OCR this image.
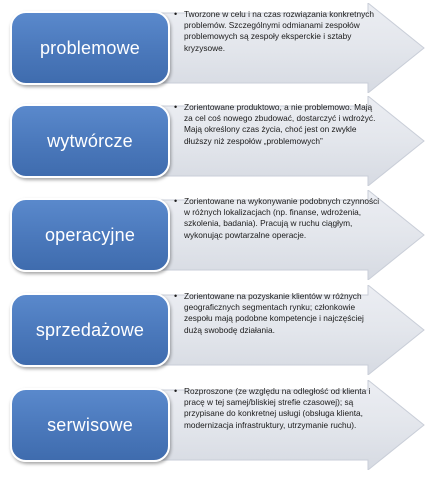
problemowe
• Tworzone w celu i na czas rozwiązania konkretnych problemów. Szczególnymi odmianami zespołów problemowych są zespoły eksperckie i sztaby kryzysowe.
wytwórcze
• Zorientowane produktowo, a nie problemowo. Mają za cel coś nowego zbudować, dostarczyć i wdrożyć. Mają określony czas życia, choć jest on zwykle dłuższy niż zespołów „problemowych”
operacyjne
• Zorientowane na wykonywanie podobnych czynności w różnych lokalizacjach (np. finanse, wdrożenia, szkolenia, badania). Pracują w ruchu ciągłym, wykonując powtarzalne operacje.
sprzedażowe
• Zorientowane na pozyskanie klientów w różnych geograficznych segmentach rynku; członkowie zespołu mają podobne kompetencje i najczęściej dużą swobodę działania.
serwisowe
• Rozproszone (ze względu na odległość od klienta i pracę w tej samej/bliskiej strefie czasowej); są przypisane do konkretnej usługi (obsługa klienta, modernizacja infrastruktury, utrzymanie ruchu).
